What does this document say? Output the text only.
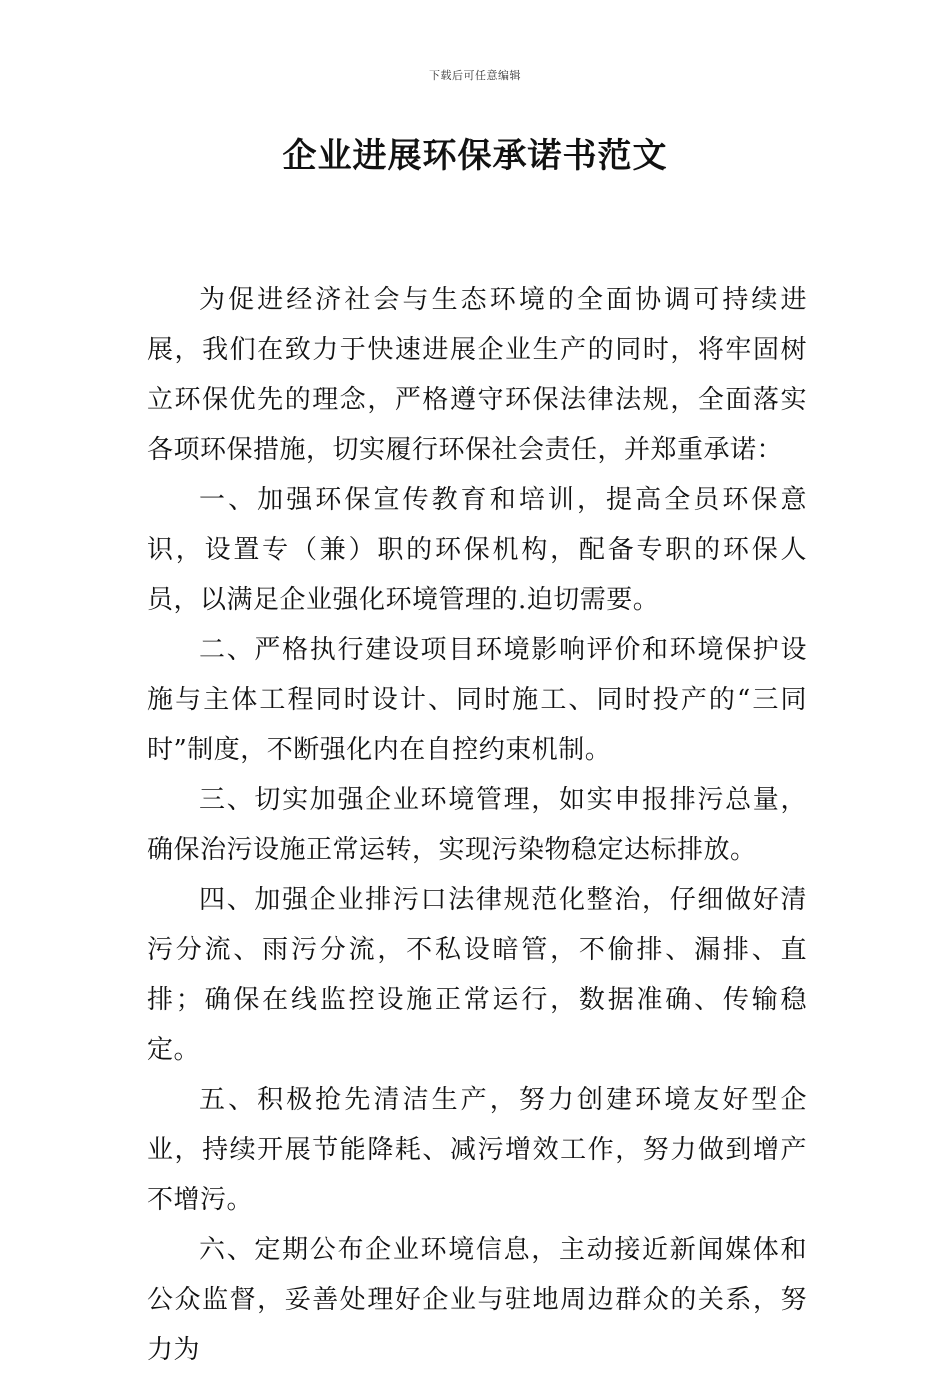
下载后可任意编辑
企业进展环保承诺书范文

为促进经济社会与生态环境的全面协调可持续进展，我们在致力于快速进展企业生产的同时，将牢固树立环保优先的理念，严格遵守环保法律法规，全面落实各项环保措施，切实履行环保社会责任，并郑重承诺：

一、加强环保宣传教育和培训，提高全员环保意识，设置专（兼）职的环保机构，配备专职的环保人员，以满足企业强化环境管理的.迫切需要。

二、严格执行建设项目环境影响评价和环境保护设施与主体工程同时设计、同时施工、同时投产的“三同时”制度，不断强化内在自控约束机制。

三、切实加强企业环境管理，如实申报排污总量，确保治污设施正常运转，实现污染物稳定达标排放。

四、加强企业排污口法律规范化整治，仔细做好清污分流、雨污分流，不私设暗管，不偷排、漏排、直排；确保在线监控设施正常运行，数据准确、传输稳定。

五、积极抢先清洁生产，努力创建环境友好型企业，持续开展节能降耗、减污增效工作，努力做到增产不增污。

六、定期公布企业环境信息，主动接近新闻媒体和公众监督，妥善处理好企业与驻地周边群众的关系，努力为
